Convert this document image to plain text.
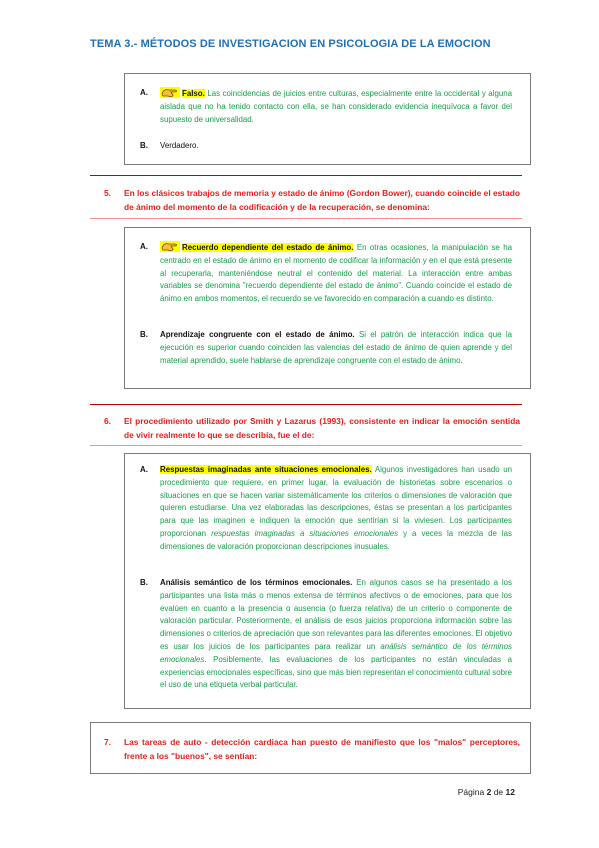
TEMA 3.- MÉTODOS DE INVESTIGACION EN PSICOLOGIA DE LA EMOCION
A.	Falso. Las coincidencias de juicios entre culturas, especialmente entre la occidental y alguna aislada que no ha tenido contacto con ella, se han considerado evidencia inequívoca a favor del supuesto de universalidad.
B. Verdadero.
5.	En los clásicos trabajos de memoria y estado de ánimo (Gordon Bower), cuando coincide el estado de ánimo del momento de la codificación y de la recuperación, se denomina:
A.	Recuerdo dependiente del estado de ánimo. En otras ocasiones, la manipulación se ha centrado en el estado de ánimo en el momento de codificar la información y en el que está presente al recuperarla, manteniéndose neutral el contenido del material. La interacción entre ambas variables se denomina "recuerdo dependiente del estado de ánimo". Cuando coincide el estado de ánimo en ambos momentos, el recuerdo se ve favorecido en comparación a cuando es distinto.
B. Aprendizaje congruente con el estado de ánimo. Si el patrón de interacción indica que la ejecución es superior cuando coinciden las valencias del estado de ánimo de quien aprende y del material aprendido, suele hablarse de aprendizaje congruente con el estado de ánimo.
6.	El procedimiento utilizado por Smith y Lazarus (1993), consistente en indicar la emoción sentida de vivir realmente lo que se describía, fue el de:
A. Respuestas imaginadas ante situaciones emocionales. Algunos investigadores han usado un procedimiento que requiere, en primer lugar, la evaluación de historietas sobre escenarios o situaciones en que se hacen variar sistemáticamente los criterios o dimensiones de valoración que quieren estudiarse. Una vez elaboradas las descripciones, éstas se presentan a los participantes para que las imaginen e indiquen la emoción que sentirían si la viviesen. Los participantes proporcionan respuestas imaginadas a situaciones emocionales y a veces la mezcla de las dimensiones de valoración proporcionan descripciones inusuales.
B. Análisis semántico de los términos emocionales. En algunos casos se ha presentado a los participantes una lista más o menos extensa de términos afectivos o de emociones, para que los evalúen en cuanto a la presencia o ausencia (o fuerza relativa) de un criterio o componente de valoración particular. Posteriormente, el análisis de esos juicios proporciona información sobre las dimensiones o criterios de apreciación que son relevantes para las diferentes emociones. El objetivo es usar los juicios de los participantes para realizar un análisis semántico de los términos emocionales. Posiblemente, las evaluaciones de los participantes no están vinculadas a experiencias emocionales específicas, sino que más bien representan el conocimiento cultural sobre el uso de una etiqueta verbal particular.
7.	Las tareas de auto - detección cardiaca han puesto de manifiesto que los "malos" perceptores, frente a los "buenos", se sentían:
Página 2 de 12
